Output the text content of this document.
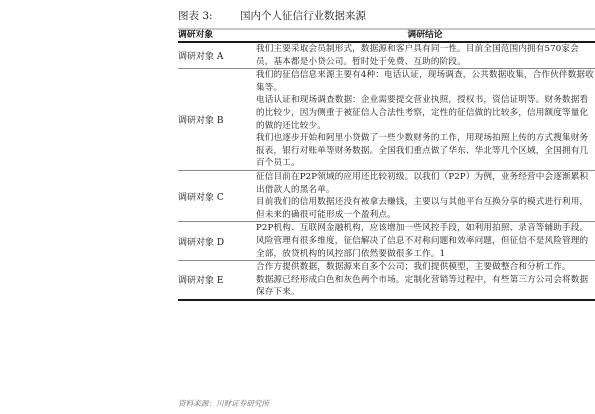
图表 3:	国内个人征信行业数据来源
调研对象	调研结论
调研对象 A	我们主要采取会员制形式，数据源和客户具有同一性。目前全国范围内拥有570家会员，基本都是小贷公司。暂时处于免费、互助的阶段。

调研对象 B	我们的征信信息来源主要有4种：电话认证，现场调查，公共数据收集，合作伙伴数据收集等。
电话认证和现场调查数据：企业需要提交营业执照，授权书，资信证明等。财务数据看的比较少，因为侧重于被征信人合法性考察，定性的征信做的比较多，信用额度等量化的做的还比较少。
我们也逐步开始和阿里小贷做了一些少数财务的工作，用现场拍照上传的方式搜集财务报表，银行对账单等财务数据。全国我们重点做了华东、华北等几个区域，全国拥有几百个员工。

调研对象 C	征信目前在P2P领域的应用还比较初级。以我们（P2P）为例，业务经营中会逐渐累积出借款人的黑名单。
目前我们的信用数据还没有被拿去赚钱，主要以与其他平台互换分享的模式进行利用，但未来的确很可能形成一个盈利点。

调研对象 D	P2P机构、互联网金融机构，应该增加一些风控手段，如利用拍照、录音等辅助手段。
风险管理有很多维度，征信解决了信息不对称问题和效率问题，但征信不是风险管理的全部，放贷机构的风控部门依然要做很多工作。1

调研对象 E	合作方提供数据，数据源来自多个公司；我们提供模型，主要做整合和分析工作。
数据源已经形成白色和灰色两个市场。定制化营销等过程中，有些第三方公司会将数据保存下来。
资料来源：川财证券研究所
